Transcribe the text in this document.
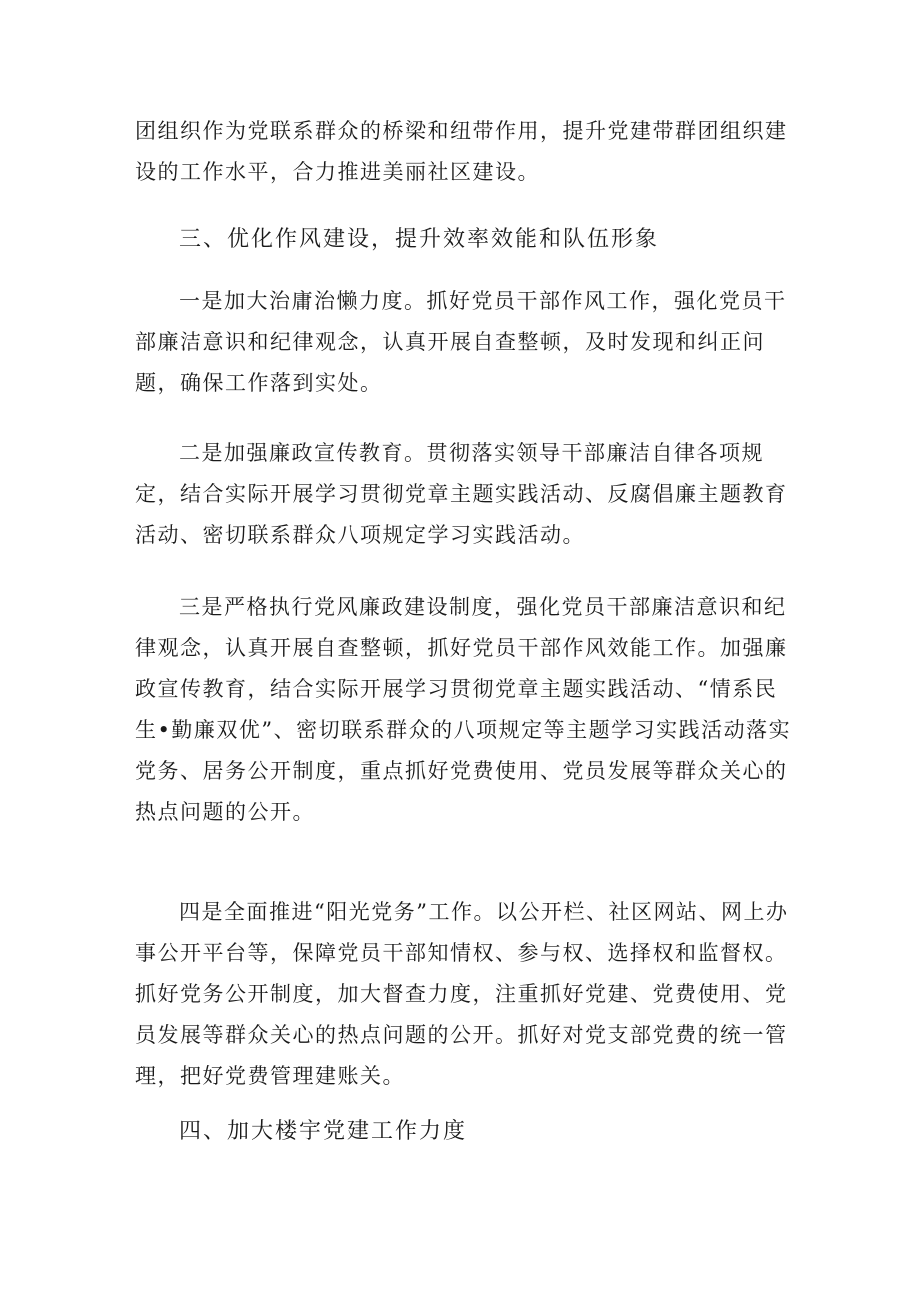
团组织作为党联系群众的桥梁和纽带作用，提升党建带群团组织建设的工作水平，合力推进美丽社区建设。

三、优化作风建设，提升效率效能和队伍形象

一是加大治庸治懒力度。抓好党员干部作风工作，强化党员干部廉洁意识和纪律观念，认真开展自查整顿，及时发现和纠正问题，确保工作落到实处。

二是加强廉政宣传教育。贯彻落实领导干部廉洁自律各项规定，结合实际开展学习贯彻党章主题实践活动、反腐倡廉主题教育活动、密切联系群众八项规定学习实践活动。

三是严格执行党风廉政建设制度，强化党员干部廉洁意识和纪律观念，认真开展自查整顿，抓好党员干部作风效能工作。加强廉政宣传教育，结合实际开展学习贯彻党章主题实践活动、“情系民生•勤廉双优”、密切联系群众的八项规定等主题学习实践活动落实党务、居务公开制度，重点抓好党费使用、党员发展等群众关心的热点问题的公开。

四是全面推进“阳光党务”工作。以公开栏、社区网站、网上办事公开平台等，保障党员干部知情权、参与权、选择权和监督权。抓好党务公开制度，加大督查力度，注重抓好党建、党费使用、党员发展等群众关心的热点问题的公开。抓好对党支部党费的统一管理，把好党费管理建账关。

四、加大楼宇党建工作力度
